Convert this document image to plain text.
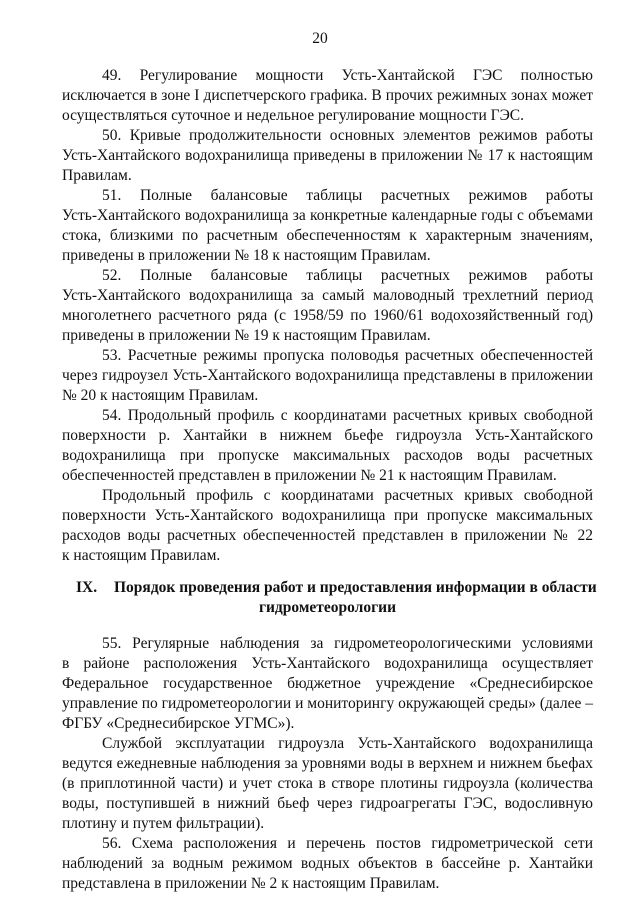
20
49. Регулирование мощности Усть-Хантайской ГЭС полностью
исключается в зоне I диспетчерского графика. В прочих режимных зонах может
осуществляться суточное и недельное регулирование мощности ГЭС.
50. Кривые продолжительности основных элементов режимов работы
Усть-Хантайского водохранилища приведены в приложении № 17 к настоящим
Правилам.
51. Полные балансовые таблицы расчетных режимов работы
Усть-Хантайского водохранилища за конкретные календарные годы с объемами
стока, близкими по расчетным обеспеченностям к характерным значениям,
приведены в приложении № 18 к настоящим Правилам.
52. Полные балансовые таблицы расчетных режимов работы
Усть-Хантайского водохранилища за самый маловодный трехлетний период
многолетнего расчетного ряда (с 1958/59 по 1960/61 водохозяйственный год)
приведены в приложении № 19 к настоящим Правилам.
53. Расчетные режимы пропуска половодья расчетных обеспеченностей
через гидроузел Усть-Хантайского водохранилища представлены в приложении
№ 20 к настоящим Правилам.
54. Продольный профиль с координатами расчетных кривых свободной
поверхности р. Хантайки в нижнем бьефе гидроузла Усть-Хантайского
водохранилища при пропуске максимальных расходов воды расчетных
обеспеченностей представлен в приложении № 21 к настоящим Правилам.
Продольный профиль с координатами расчетных кривых свободной
поверхности Усть-Хантайского водохранилища при пропуске максимальных
расходов воды расчетных обеспеченностей представлен в приложении № 22
к настоящим Правилам.
IX. Порядок проведения работ и предоставления информации в области
гидрометеорологии
55. Регулярные наблюдения за гидрометеорологическими условиями
в районе расположения Усть-Хантайского водохранилища осуществляет
Федеральное государственное бюджетное учреждение «Среднесибирское
управление по гидрометеорологии и мониторингу окружающей среды» (далее –
ФГБУ «Среднесибирское УГМС»).
Службой эксплуатации гидроузла Усть-Хантайского водохранилища
ведутся ежедневные наблюдения за уровнями воды в верхнем и нижнем бьефах
(в приплотинной части) и учет стока в створе плотины гидроузла (количества
воды, поступившей в нижний бьеф через гидроагрегаты ГЭС, водосливную
плотину и путем фильтрации).
56. Схема расположения и перечень постов гидрометрической сети
наблюдений за водным режимом водных объектов в бассейне р. Хантайки
представлена в приложении № 2 к настоящим Правилам.
